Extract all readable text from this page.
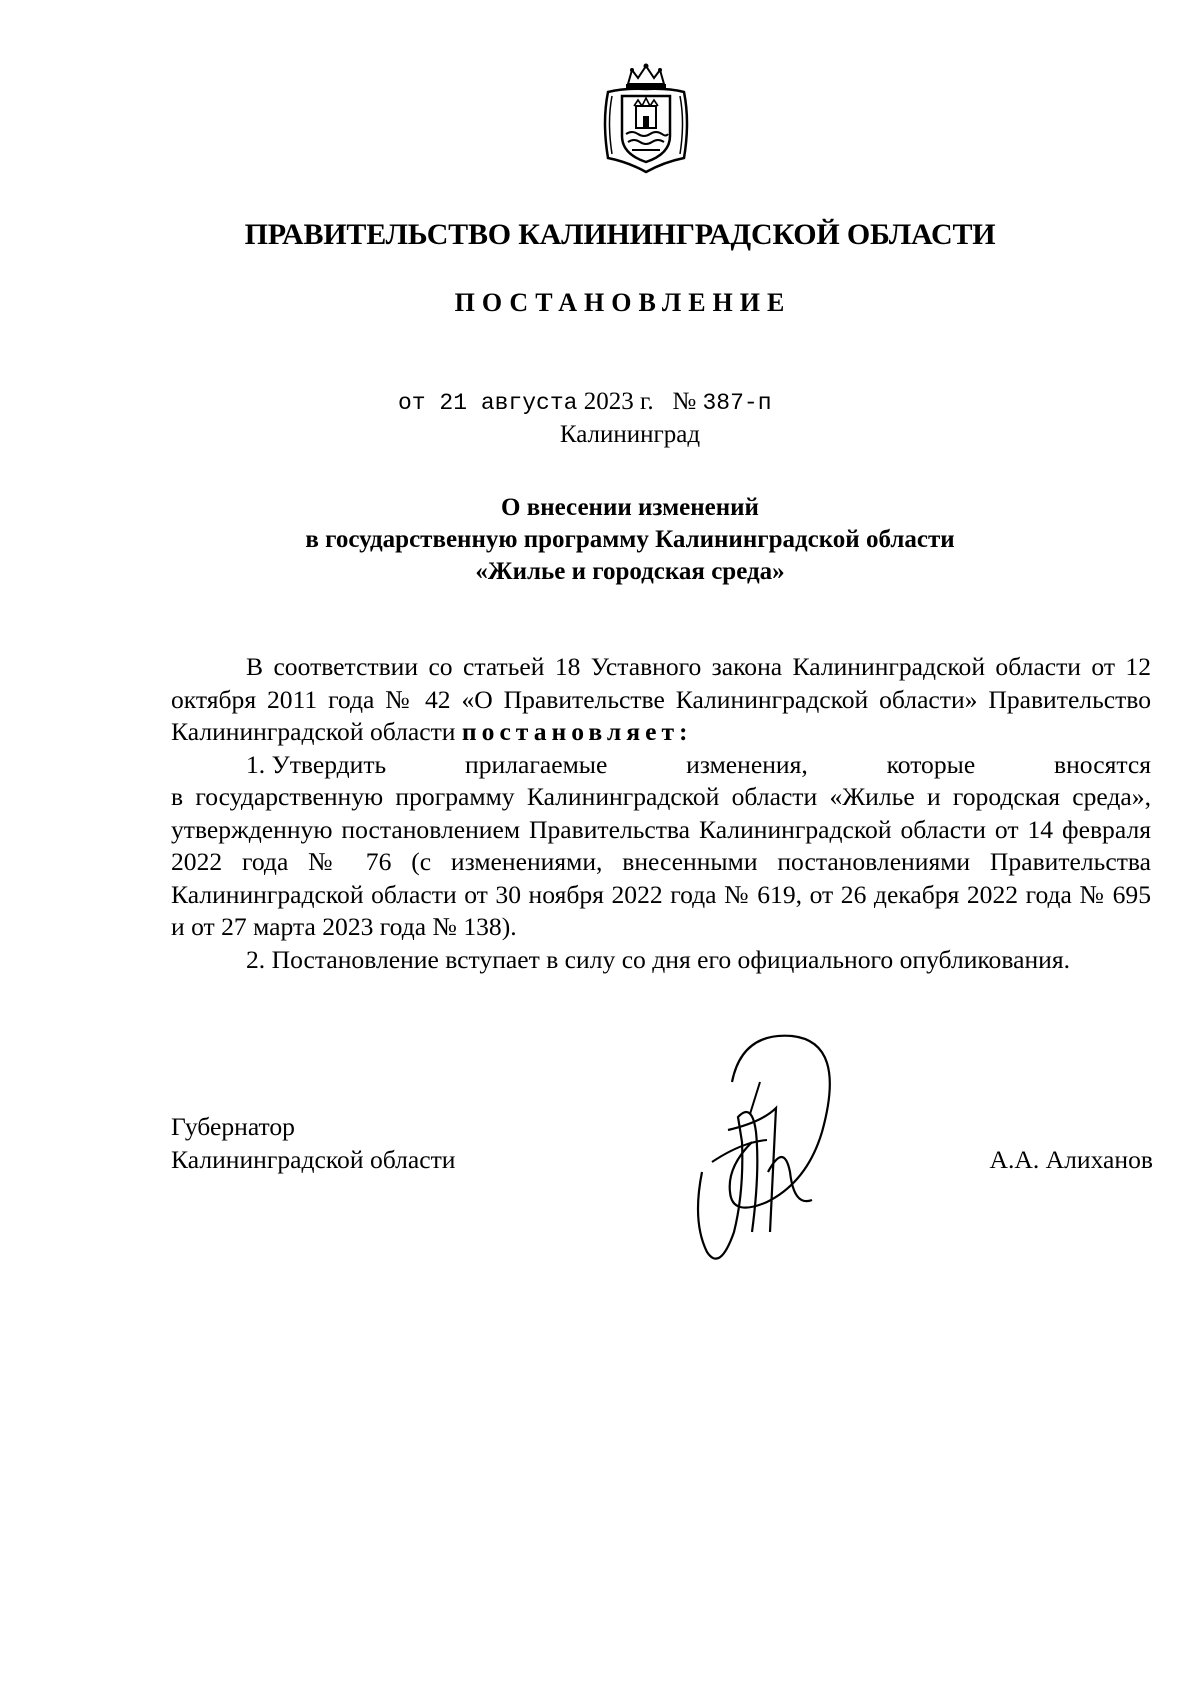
ПРАВИТЕЛЬСТВО КАЛИНИНГРАДСКОЙ ОБЛАСТИ
ПОСТАНОВЛЕНИЕ
от 21 августа 2023 г. № 387-п
Калининград
О внесении изменений
в государственную программу Калининградской области
«Жилье и городская среда»

В соответствии со статьей 18 Уставного закона Калининградской области от 12 октября 2011 года № 42 «О Правительстве Калининградской области» Правительство Калининградской области постановляет:

1. Утвердить	прилагаемые	изменения,	которые	вносятся

в государственную программу Калининградской области «Жилье и городская среда», утвержденную постановлением Правительства Калининградской области от 14 февраля 2022 года № 76 (с изменениями, внесенными постановлениями Правительства Калининградской области от 30 ноября 2022 года № 619, от 26 декабря 2022 года № 695 и от 27 марта 2023 года № 138).

2. Постановление вступает в силу со дня его официального опубликования.

Губернатор
Калининградской области	А.А. Алиханов
